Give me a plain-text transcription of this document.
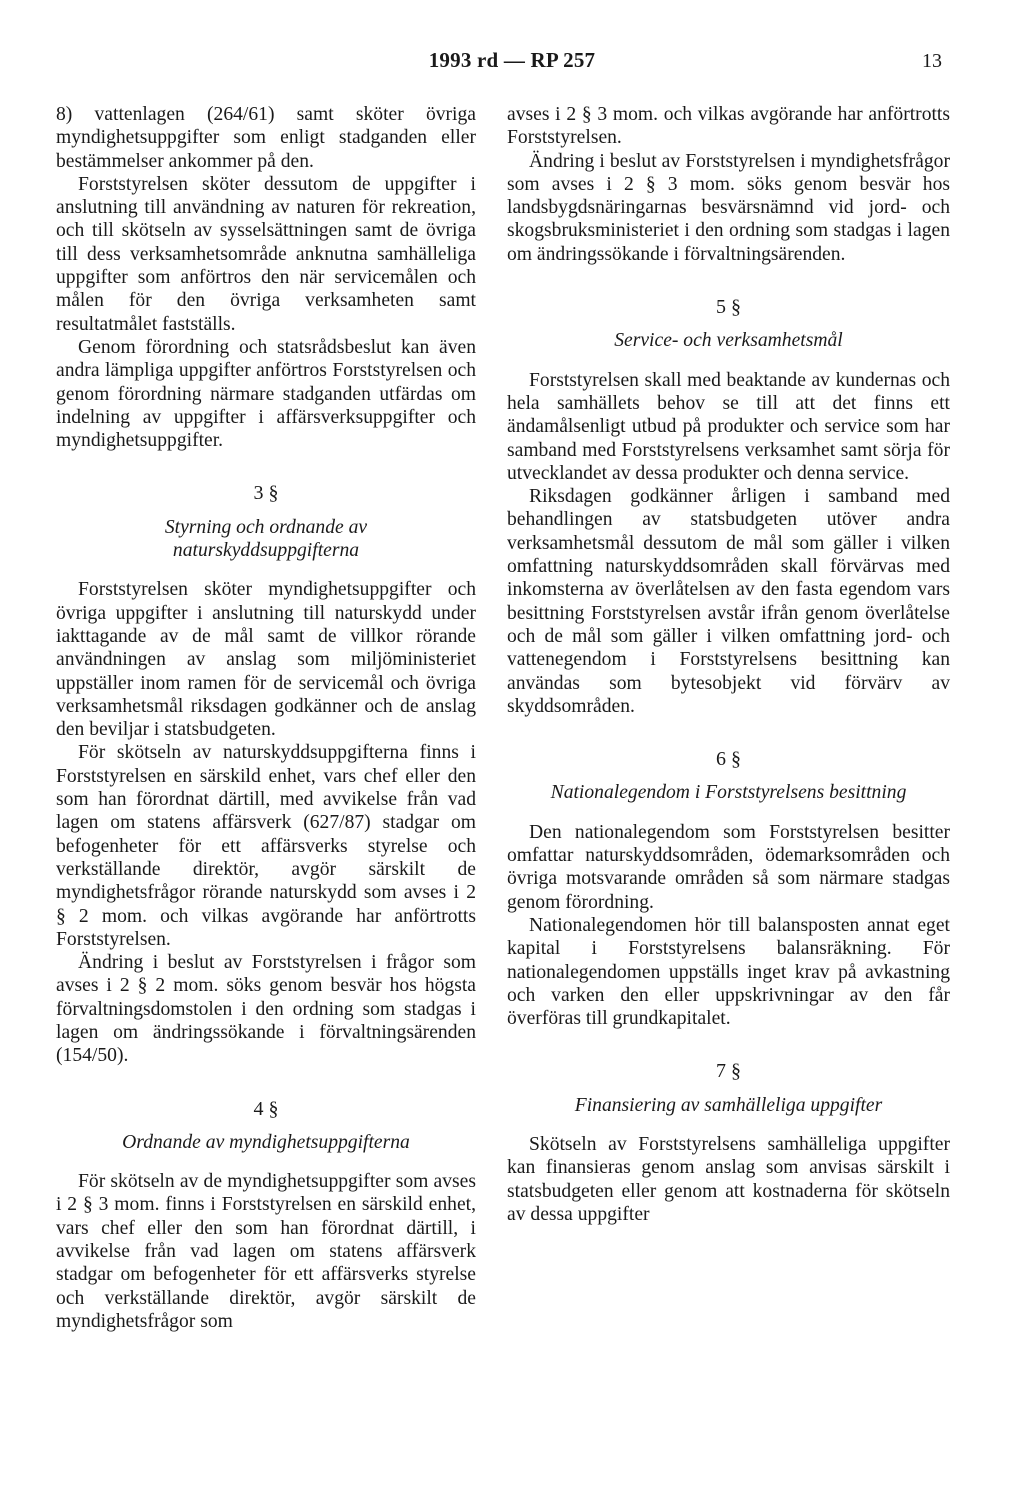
1993 rd — RP 257	13

8) vattenlagen (264/61) samt sköter övriga myndighetsuppgifter som enligt stadganden eller bestämmelser ankommer på den.

Forststyrelsen sköter dessutom de uppgifter i anslutning till användning av naturen för rekreation, och till skötseln av sysselsättningen samt de övriga till dess verksamhetsområde anknutna samhälleliga uppgifter som anförtros den när servicemålen och målen för den övriga verksamheten samt resultatmålet fastställs.

Genom förordning och statsrådsbeslut kan även andra lämpliga uppgifter anförtros Forststyrelsen och genom förordning närmare stadganden utfärdas om indelning av uppgifter i affärsverksuppgifter och myndighetsuppgifter.

3 §
Styrning och ordnande av naturskyddsuppgifterna

Forststyrelsen sköter myndighetsuppgifter och övriga uppgifter i anslutning till naturskydd under iakttagande av de mål samt de villkor rörande användningen av anslag som miljöministeriet uppställer inom ramen för de servicemål och övriga verksamhetsmål riksdagen godkänner och de anslag den beviljar i statsbudgeten.

För skötseln av naturskyddsuppgifterna finns i Forststyrelsen en särskild enhet, vars chef eller den som han förordnat därtill, med avvikelse från vad lagen om statens affärsverk (627/87) stadgar om befogenheter för ett affärsverks styrelse och verkställande direktör, avgör särskilt de myndighetsfrågor rörande naturskydd som avses i 2 § 2 mom. och vilkas avgörande har anförtrotts Forststyrelsen.

Ändring i beslut av Forststyrelsen i frågor som avses i 2 § 2 mom. söks genom besvär hos högsta förvaltningsdomstolen i den ordning som stadgas i lagen om ändringssökande i förvaltningsärenden (154/50).

4 §
Ordnande av myndighetsuppgifterna

För skötseln av de myndighetsuppgifter som avses i 2 § 3 mom. finns i Forststyrelsen en särskild enhet, vars chef eller den som han förordnat därtill, i avvikelse från vad lagen om statens affärsverk stadgar om befogenheter för ett affärsverks styrelse och verkställande direktör, avgör särskilt de myndighetsfrågor som

avses i 2 § 3 mom. och vilkas avgörande har anförtrotts Forststyrelsen.

Ändring i beslut av Forststyrelsen i myndighetsfrågor som avses i 2 § 3 mom. söks genom besvär hos landsbygdsnäringarnas besvärsnämnd vid jord- och skogsbruksministeriet i den ordning som stadgas i lagen om ändringssökande i förvaltningsärenden.

5 §
Service- och verksamhetsmål

Forststyrelsen skall med beaktande av kundernas och hela samhällets behov se till att det finns ett ändamålsenligt utbud på produkter och service som har samband med Forststyrelsens verksamhet samt sörja för utvecklandet av dessa produkter och denna service.

Riksdagen godkänner årligen i samband med behandlingen av statsbudgeten utöver andra verksamhetsmål dessutom de mål som gäller i vilken omfattning naturskyddsområden skall förvärvas med inkomsterna av överlåtelsen av den fasta egendom vars besittning Forststyrelsen avstår ifrån genom överlåtelse och de mål som gäller i vilken omfattning jord- och vattenegendom i Forststyrelsens besittning kan användas som bytesobjekt vid förvärv av skyddsområden.

6 §
Nationalegendom i Forststyrelsens besittning

Den nationalegendom som Forststyrelsen besitter omfattar naturskyddsområden, ödemarksområden och övriga motsvarande områden så som närmare stadgas genom förordning.

Nationalegendomen hör till balansposten annat eget kapital i Forststyrelsens balansräkning. För nationalegendomen uppställs inget krav på avkastning och varken den eller uppskrivningar av den får överföras till grundkapitalet.

7 §
Finansiering av samhälleliga uppgifter

Skötseln av Forststyrelsens samhälleliga uppgifter kan finansieras genom anslag som anvisas särskilt i statsbudgeten eller genom att kostnaderna för skötseln av dessa uppgifter
